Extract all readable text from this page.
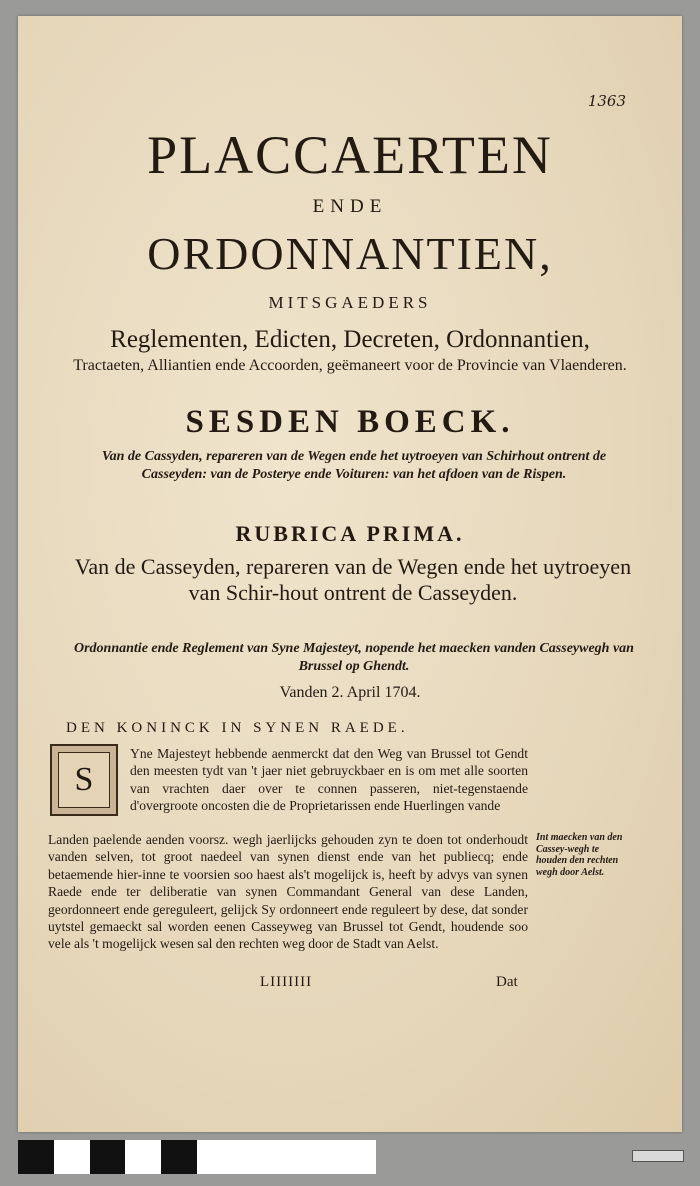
1363
PLACCAERTEN
ENDE
ORDONNANTIEN,
MITSGAEDERS
Reglementen, Edicten, Decreten, Ordonnantien,
Tractaeten, Alliantien ende Accoorden, geëmaneert voor de Provincie van Vlaenderen.
SESDEN BOECK.
Van de Cassyden, repareren van de Wegen ende het uytroeyen van Schirhout ontrent de Casseyden: van de Posterye ende Voituren: van het afdoen van de Rispen.
RUBRICA PRIMA.
Van de Casseyden, repareren van de Wegen ende het uytroeyen van Schir-hout ontrent de Casseyden.
Ordonnantie ende Reglement van Syne Majesteyt, nopende het maecken vanden Casseywegh van Brussel op Ghendt.
Vanden 2. April 1704.
DEN KONINCK IN SYNEN RAEDE.
S
Yne Majesteyt hebbende aenmerckt dat den Weg van Brussel tot Gendt den meesten tydt van 't jaer niet gebruyckbaer en is om met alle soorten van vrachten daer over te connen passeren, niet-tegenstaende d'overgroote oncosten die de Proprietarissen ende Huerlingen vande
Landen paelende aenden voorsz. wegh jaerlijcks gehouden zyn te doen tot onderhoudt vanden selven, tot groot naedeel van synen dienst ende van het publiecq; ende betaemende hier-inne te voorsien soo haest als't mogelijck is, heeft by advys van synen Raede ende ter deliberatie van synen Commandant General van dese Landen, geordonneert ende gereguleert, gelijck Sy ordonneert ende reguleert by dese, dat sonder uytstel gemaeckt sal worden eenen Casseyweg van Brussel tot Gendt, houdende soo vele als 't mogelijck wesen sal den rechten weg door de Stadt van Aelst.
Int maecken van den Cassey-wegh te houden den rechten wegh door Aelst.
LIIIIIII	Dat
